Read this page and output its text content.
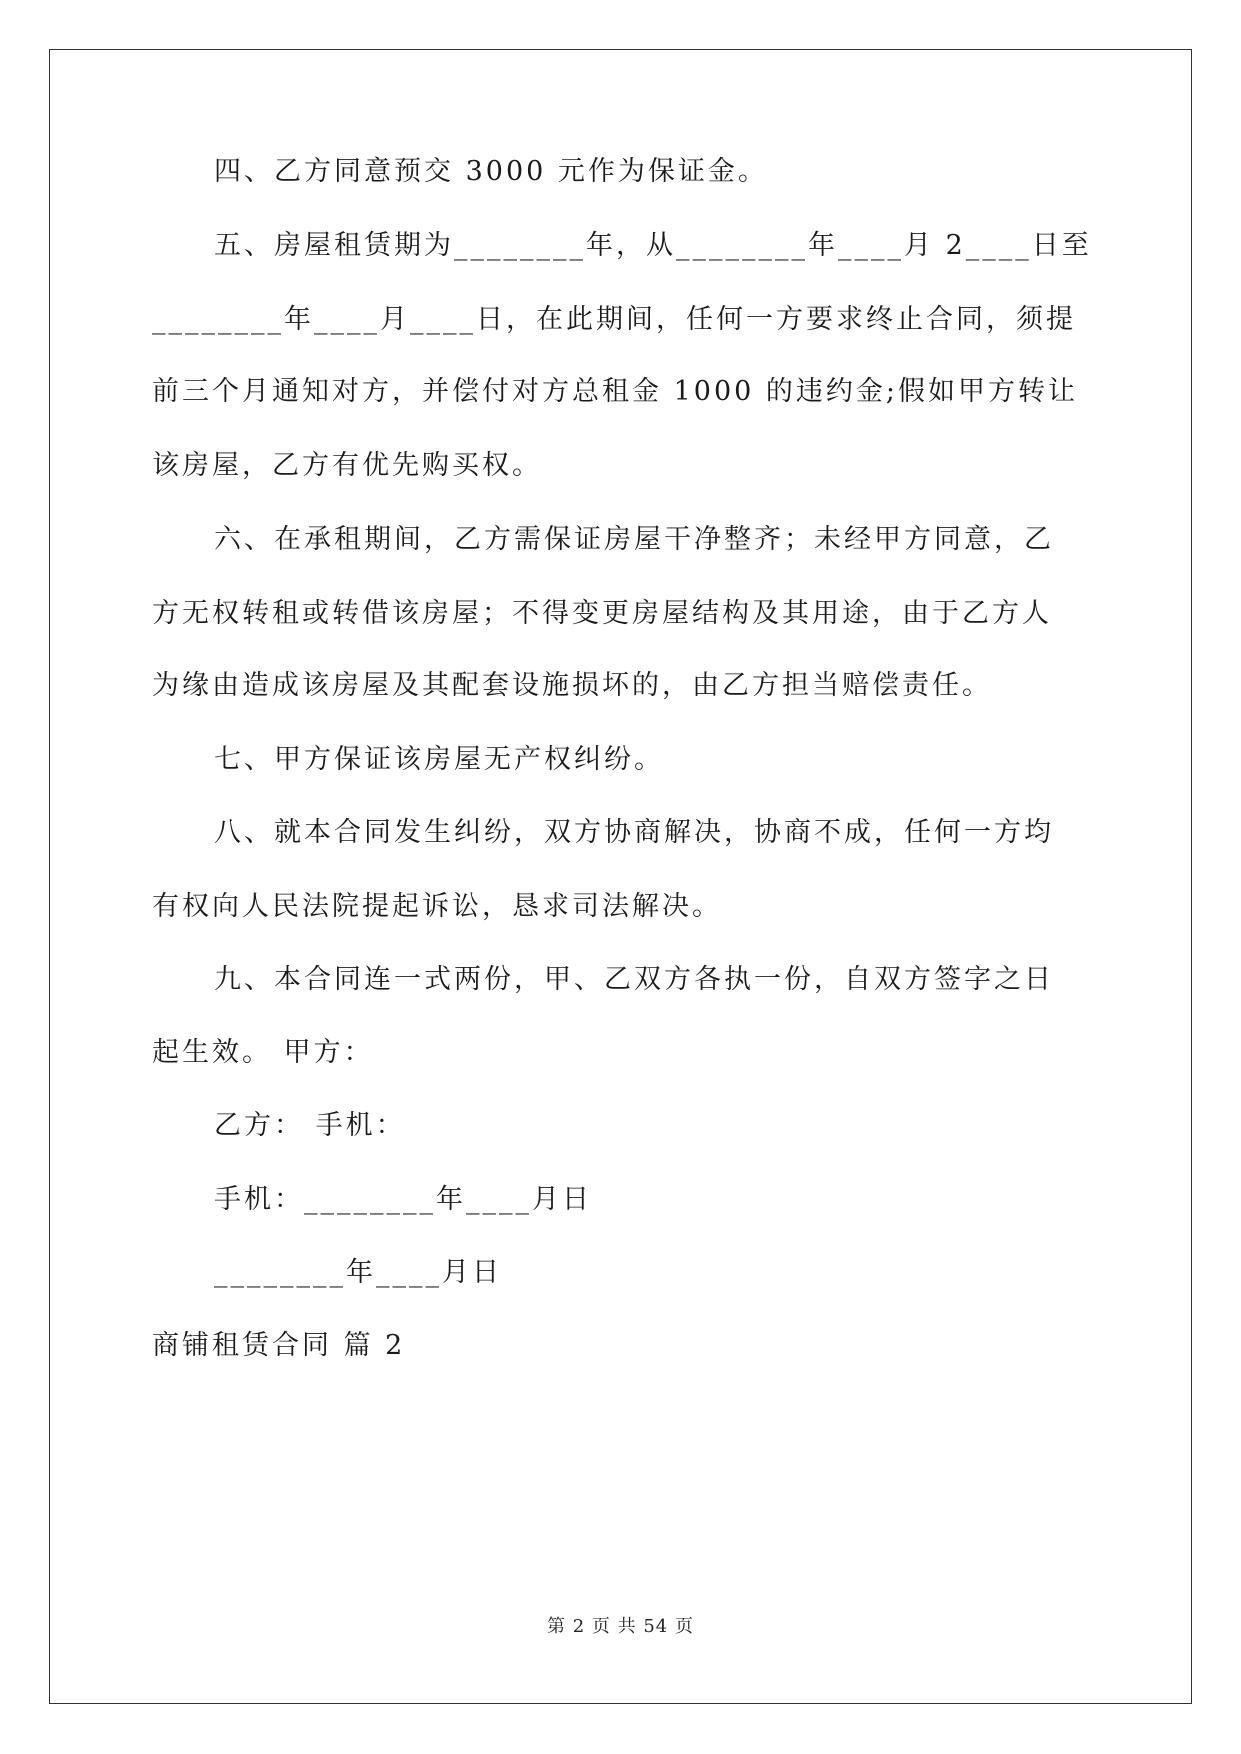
四、乙方同意预交 3000 元作为保证金。
五、房屋租赁期为________年，从________年____月 2____日至
________年____月____日，在此期间，任何一方要求终止合同，须提
前三个月通知对方，并偿付对方总租金 1000 的违约金;假如甲方转让
该房屋，乙方有优先购买权。
六、在承租期间，乙方需保证房屋干净整齐；未经甲方同意，乙
方无权转租或转借该房屋；不得变更房屋结构及其用途，由于乙方人
为缘由造成该房屋及其配套设施损坏的，由乙方担当赔偿责任。
七、甲方保证该房屋无产权纠纷。
八、就本合同发生纠纷，双方协商解决，协商不成，任何一方均
有权向人民法院提起诉讼，恳求司法解决。
九、本合同连一式两份，甲、乙双方各执一份，自双方签字之日
起生效。 甲方：
乙方： 手机：
手机：________年____月日
________年____月日
商铺租赁合同 篇 2
第 2 页 共 54 页
